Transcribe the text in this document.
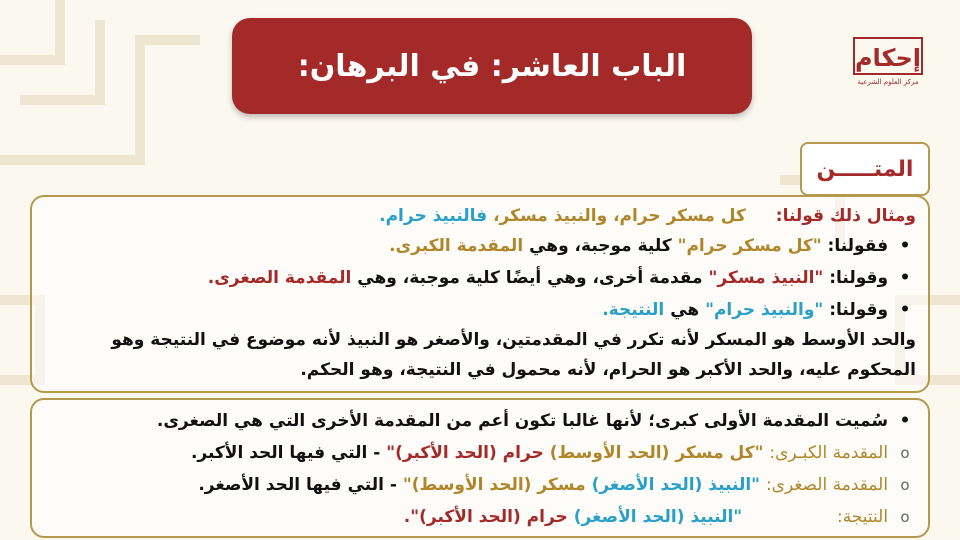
الباب العاشر: في البرهان:	إحكام
مركز العلوم الشرعية
المتـــــن
ومثال ذلك قولنا: كل مسكر حرام، والنبيذ مسكر، فالنبيذ حرام.
• فقولنا: "كل مسكر حرام" كلية موجبة، وهي المقدمة الكبرى.
• وقولنا: "النبيذ مسكر" مقدمة أخرى، وهي أيضًا كلية موجبة، وهي المقدمة الصغرى.
• وقولنا: "والنبيذ حرام" هي النتيجة.
والحد الأوسط هو المسكر لأنه تكرر في المقدمتين، والأصغر هو النبيذ لأنه موضوع في النتيجة وهو
المحكوم عليه، والحد الأكبر هو الحرام، لأنه محمول في النتيجة، وهو الحكم.
• سُميت المقدمة الأولى كبرى؛ لأنها غالبا تكون أعم من المقدمة الأخرى التي هي الصغرى.
o المقدمة الكبـرى: "كل مسكر (الحد الأوسط) حرام (الحد الأكبر)" - التي فيها الحد الأكبر.
o المقدمة الصغرى: "النبيذ (الحد الأصغر) مسكر (الحد الأوسط)" - التي فيها الحد الأصغر.
o النتيجة: "النبيذ (الحد الأصغر) حرام (الحد الأكبر)".
